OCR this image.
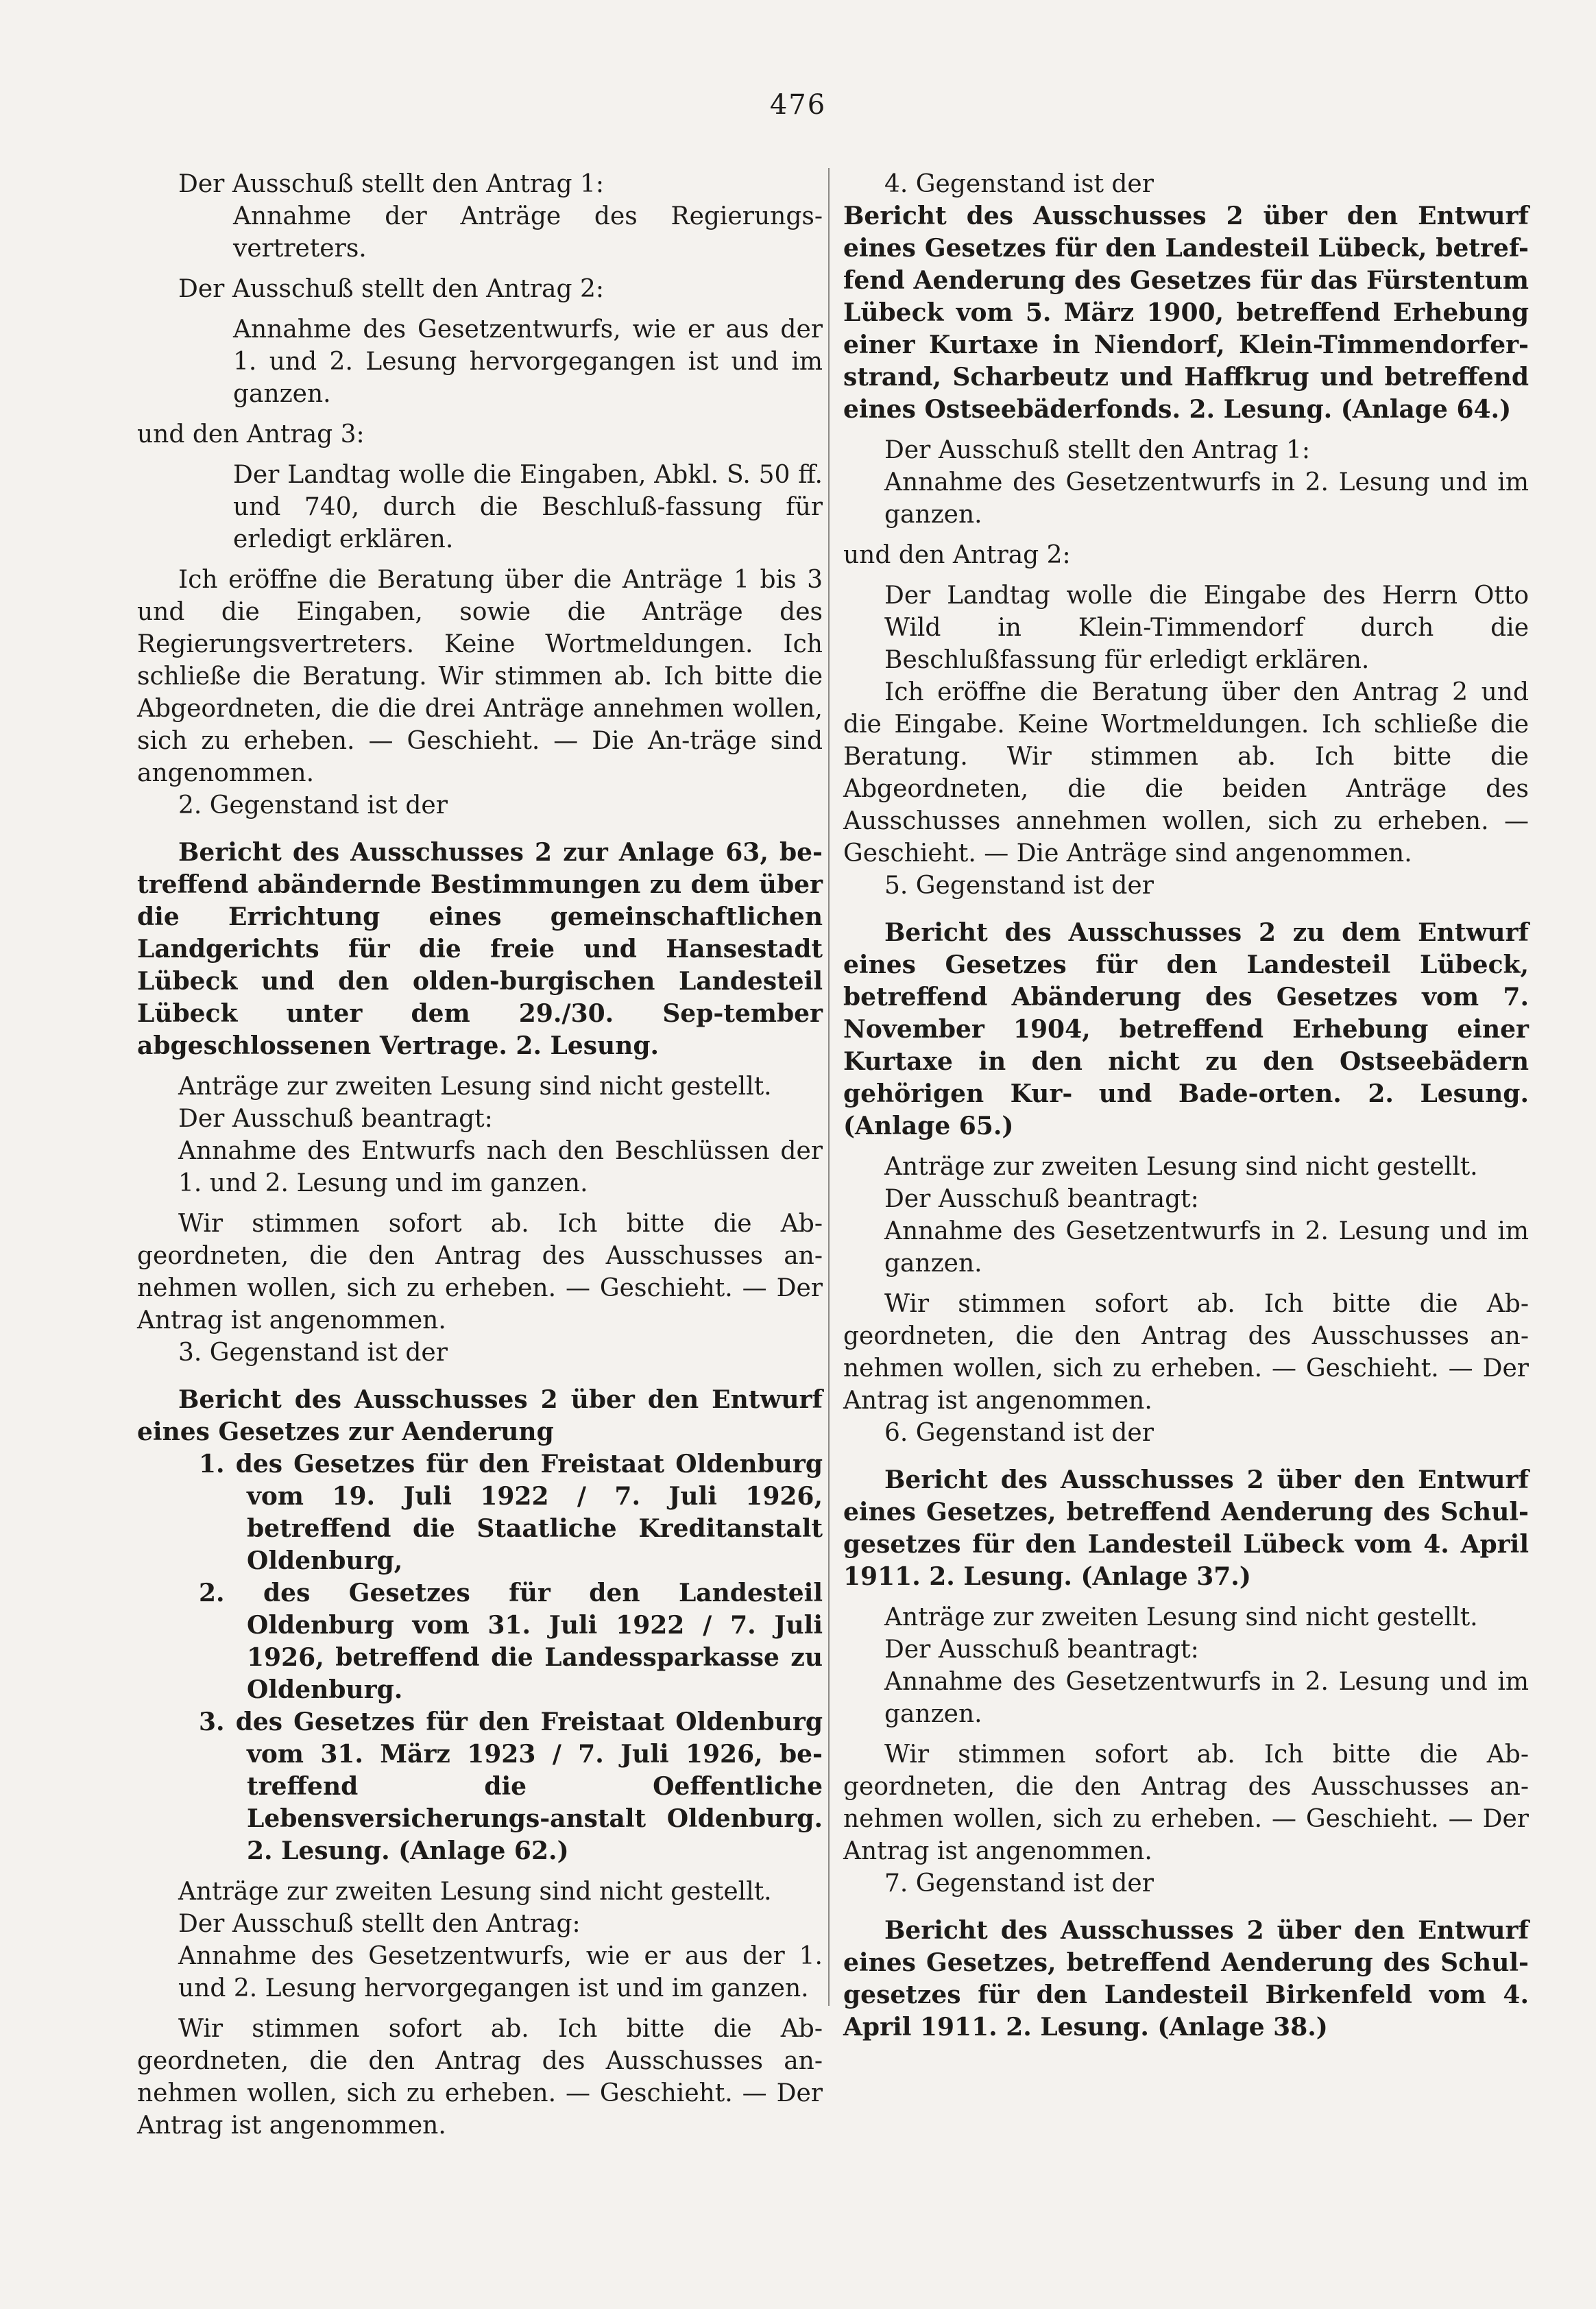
476

Der Ausschuß stellt den Antrag 1:

Annahme der Anträge des Regierungs-vertreters.

Der Ausschuß stellt den Antrag 2:

Annahme des Gesetzentwurfs, wie er aus der 1. und 2. Lesung hervorgegangen ist und im ganzen.

und den Antrag 3:

Der Landtag wolle die Eingaben, Abkl. S. 50 ff. und 740, durch die Beschluß-fassung für erledigt erklären.

Ich eröffne die Beratung über die Anträge 1 bis 3 und die Eingaben, sowie die Anträge des Regierungsvertreters. Keine Wortmeldungen. Ich schließe die Beratung. Wir stimmen ab. Ich bitte die Abgeordneten, die die drei Anträge annehmen wollen, sich zu erheben. — Geschieht. — Die An-träge sind angenommen.

2. Gegenstand ist der

Bericht des Ausschusses 2 zur Anlage 63, be-treffend abändernde Bestimmungen zu dem über die Errichtung eines gemeinschaftlichen Landgerichts für die freie und Hansestadt Lübeck und den olden-burgischen Landesteil Lübeck unter dem 29./30. Sep-tember abgeschlossenen Vertrage. 2. Lesung.

Anträge zur zweiten Lesung sind nicht gestellt.

Der Ausschuß beantragt:

Annahme des Entwurfs nach den Beschlüssen der 1. und 2. Lesung und im ganzen.

Wir stimmen sofort ab. Ich bitte die Ab-geordneten, die den Antrag des Ausschusses an-nehmen wollen, sich zu erheben. — Geschieht. — Der Antrag ist angenommen.

3. Gegenstand ist der

Bericht des Ausschusses 2 über den Entwurf eines Gesetzes zur Aenderung

1. des Gesetzes für den Freistaat Oldenburg vom 19. Juli 1922 / 7. Juli 1926, betreffend die Staatliche Kreditanstalt Oldenburg,

2. des Gesetzes für den Landesteil Oldenburg vom 31. Juli 1922 / 7. Juli 1926, betreffend die Landessparkasse zu Oldenburg.

3. des Gesetzes für den Freistaat Oldenburg vom 31. März 1923 / 7. Juli 1926, be-treffend die Oeffentliche Lebensversicherungs-anstalt Oldenburg. 2. Lesung. (Anlage 62.)

Anträge zur zweiten Lesung sind nicht gestellt.

Der Ausschuß stellt den Antrag:

Annahme des Gesetzentwurfs, wie er aus der 1. und 2. Lesung hervorgegangen ist und im ganzen.

Wir stimmen sofort ab. Ich bitte die Ab-geordneten, die den Antrag des Ausschusses an-nehmen wollen, sich zu erheben. — Geschieht. — Der Antrag ist angenommen.

4. Gegenstand ist der

Bericht des Ausschusses 2 über den Entwurf eines Gesetzes für den Landesteil Lübeck, betref-fend Aenderung des Gesetzes für das Fürstentum Lübeck vom 5. März 1900, betreffend Erhebung einer Kurtaxe in Niendorf, Klein-Timmendorfer-strand, Scharbeutz und Haffkrug und betreffend eines Ostseebäderfonds. 2. Lesung. (Anlage 64.)

Der Ausschuß stellt den Antrag 1:

Annahme des Gesetzentwurfs in 2. Lesung und im ganzen.

und den Antrag 2:

Der Landtag wolle die Eingabe des Herrn Otto Wild in Klein-Timmendorf durch die Beschlußfassung für erledigt erklären.

Ich eröffne die Beratung über den Antrag 2 und die Eingabe. Keine Wortmeldungen. Ich schließe die Beratung. Wir stimmen ab. Ich bitte die Abgeordneten, die die beiden Anträge des Ausschusses annehmen wollen, sich zu erheben. — Geschieht. — Die Anträge sind angenommen.

5. Gegenstand ist der

Bericht des Ausschusses 2 zu dem Entwurf eines Gesetzes für den Landesteil Lübeck, betreffend Abänderung des Gesetzes vom 7. November 1904, betreffend Erhebung einer Kurtaxe in den nicht zu den Ostseebädern gehörigen Kur- und Bade-orten. 2. Lesung. (Anlage 65.)

Anträge zur zweiten Lesung sind nicht gestellt.

Der Ausschuß beantragt:

Annahme des Gesetzentwurfs in 2. Lesung und im ganzen.

Wir stimmen sofort ab. Ich bitte die Ab-geordneten, die den Antrag des Ausschusses an-nehmen wollen, sich zu erheben. — Geschieht. — Der Antrag ist angenommen.

6. Gegenstand ist der

Bericht des Ausschusses 2 über den Entwurf eines Gesetzes, betreffend Aenderung des Schul-gesetzes für den Landesteil Lübeck vom 4. April 1911. 2. Lesung. (Anlage 37.)

Anträge zur zweiten Lesung sind nicht gestellt.

Der Ausschuß beantragt:

Annahme des Gesetzentwurfs in 2. Lesung und im ganzen.

Wir stimmen sofort ab. Ich bitte die Ab-geordneten, die den Antrag des Ausschusses an-nehmen wollen, sich zu erheben. — Geschieht. — Der Antrag ist angenommen.

7. Gegenstand ist der

Bericht des Ausschusses 2 über den Entwurf eines Gesetzes, betreffend Aenderung des Schul-gesetzes für den Landesteil Birkenfeld vom 4. April 1911. 2. Lesung. (Anlage 38.)
